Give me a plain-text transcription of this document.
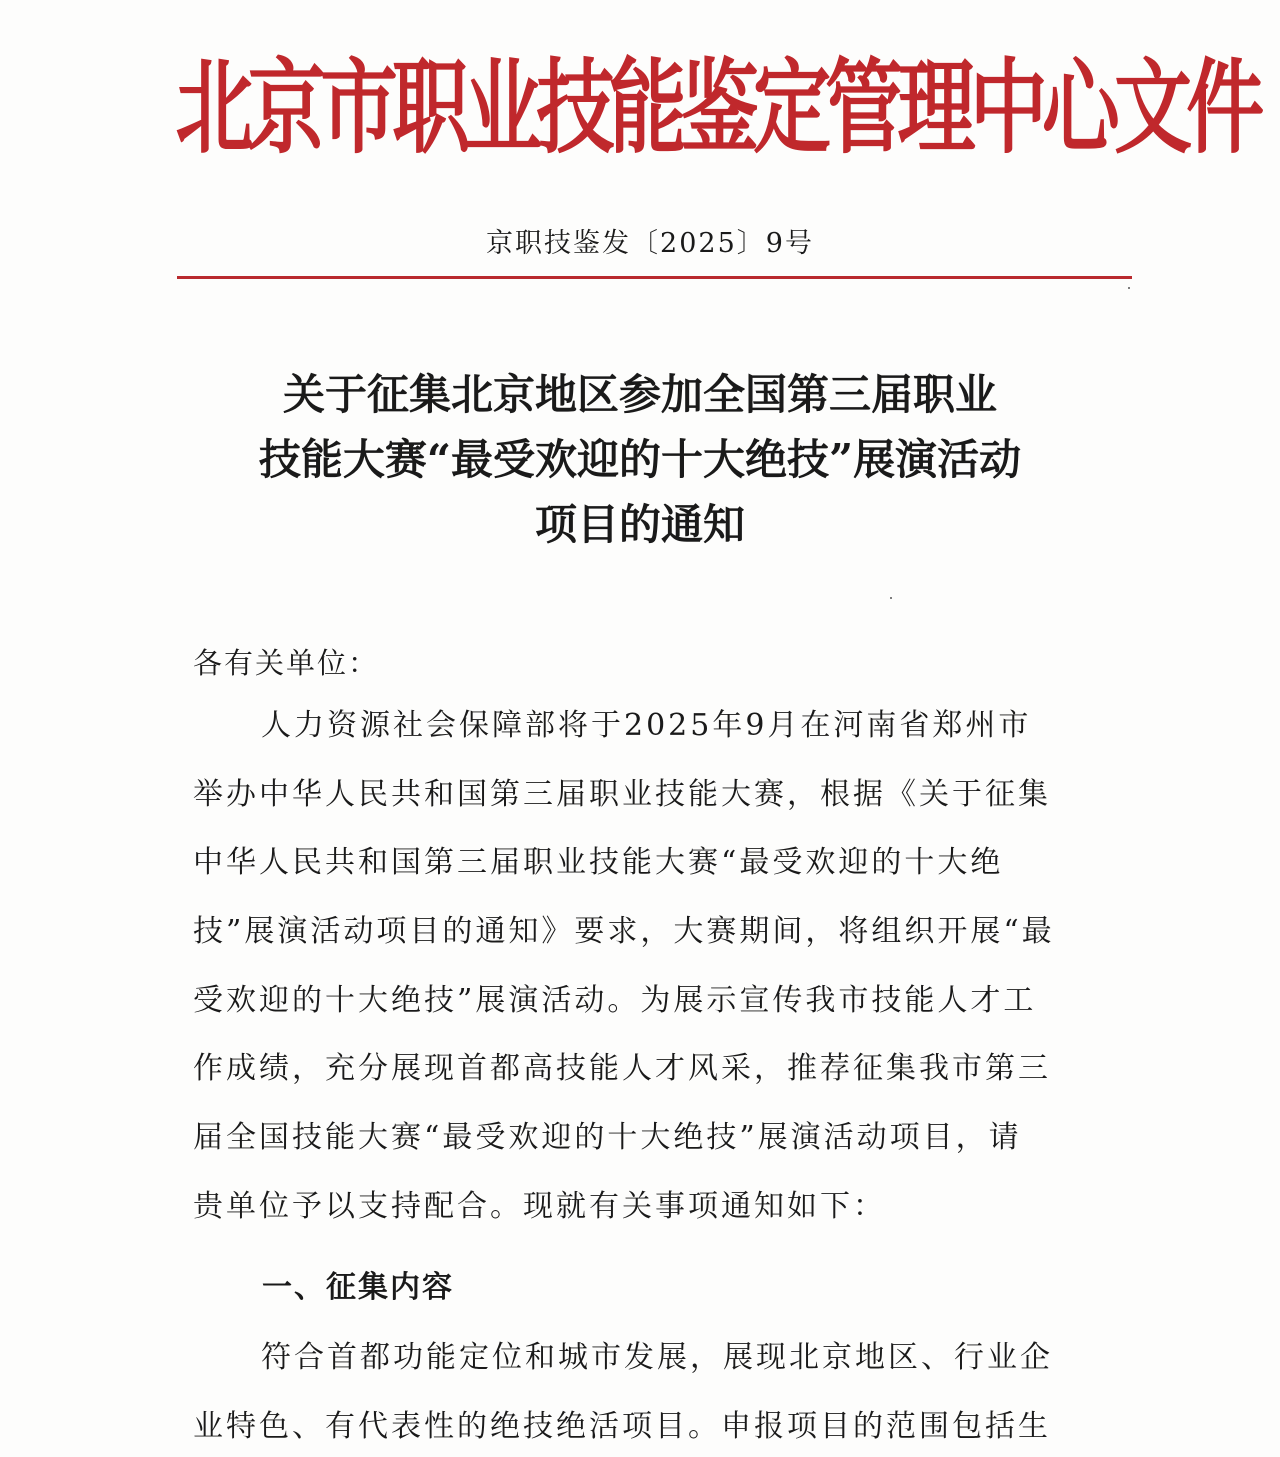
北京市职业技能鉴定管理中心文件
京职技鉴发〔2025〕9号
关于征集北京地区参加全国第三届职业
技能大赛“最受欢迎的十大绝技”展演活动
项目的通知
各有关单位：
人力资源社会保障部将于2025年9月在河南省郑州市
举办中华人民共和国第三届职业技能大赛，根据《关于征集
中华人民共和国第三届职业技能大赛“最受欢迎的十大绝
技”展演活动项目的通知》要求，大赛期间，将组织开展“最
受欢迎的十大绝技”展演活动。为展示宣传我市技能人才工
作成绩，充分展现首都高技能人才风采，推荐征集我市第三
届全国技能大赛“最受欢迎的十大绝技”展演活动项目，请
贵单位予以支持配合。现就有关事项通知如下：
一、征集内容
符合首都功能定位和城市发展，展现北京地区、行业企
业特色、有代表性的绝技绝活项目。申报项目的范围包括生
